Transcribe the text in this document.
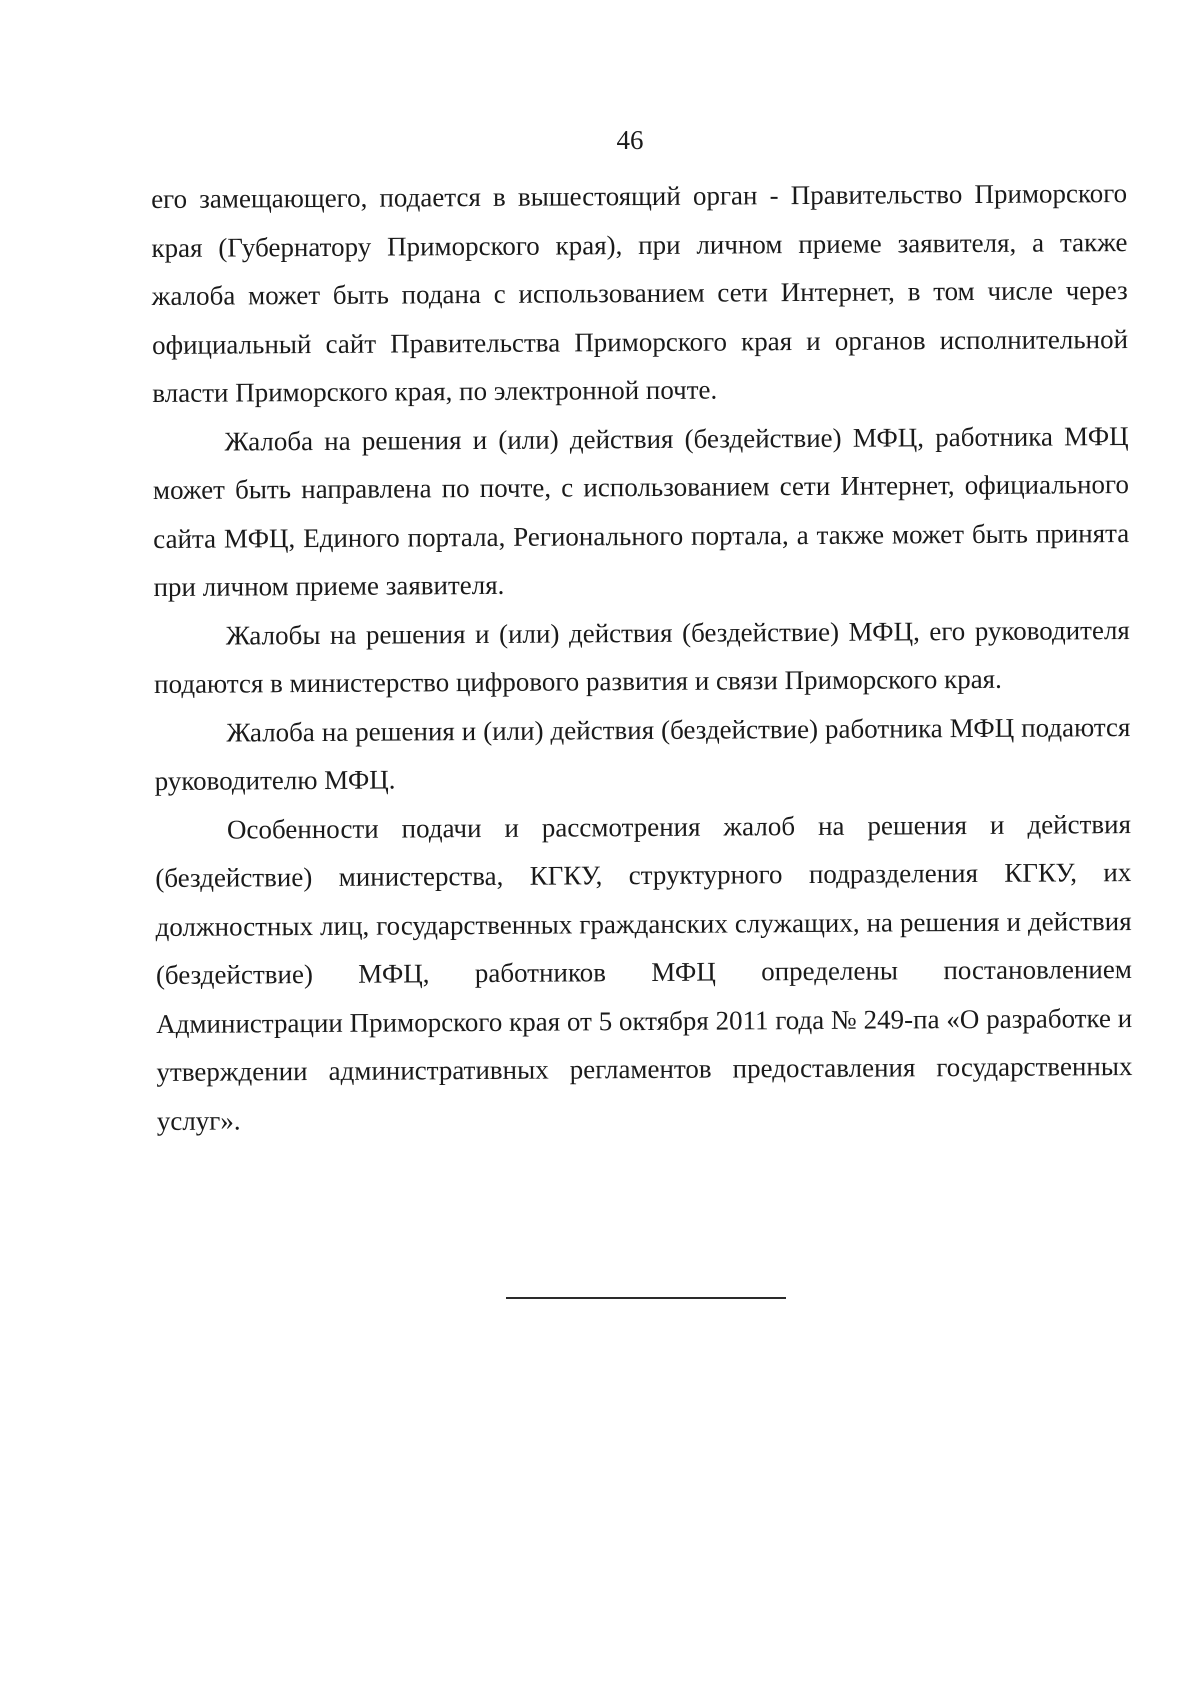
46

его замещающего, подается в вышестоящий орган - Правительство Приморского края (Губернатору Приморского края), при личном приеме заявителя, а также жалоба может быть подана с использованием сети Интернет, в том числе через официальный сайт Правительства Приморского края и органов исполнительной власти Приморского края, по электронной почте.

Жалоба на решения и (или) действия (бездействие) МФЦ, работника МФЦ может быть направлена по почте, с использованием сети Интернет, официального сайта МФЦ, Единого портала, Регионального портала, а также может быть принята при личном приеме заявителя.

Жалобы на решения и (или) действия (бездействие) МФЦ, его руководителя подаются в министерство цифрового развития и связи Приморского края.

Жалоба на решения и (или) действия (бездействие) работника МФЦ подаются руководителю МФЦ.

Особенности подачи и рассмотрения жалоб на решения и действия (бездействие) министерства, КГКУ, структурного подразделения КГКУ, их должностных лиц, государственных гражданских служащих, на решения и действия (бездействие) МФЦ, работников МФЦ определены постановлением Администрации Приморского края от 5 октября 2011 года № 249-па «О разработке и утверждении административных регламентов предоставления государственных услуг».
